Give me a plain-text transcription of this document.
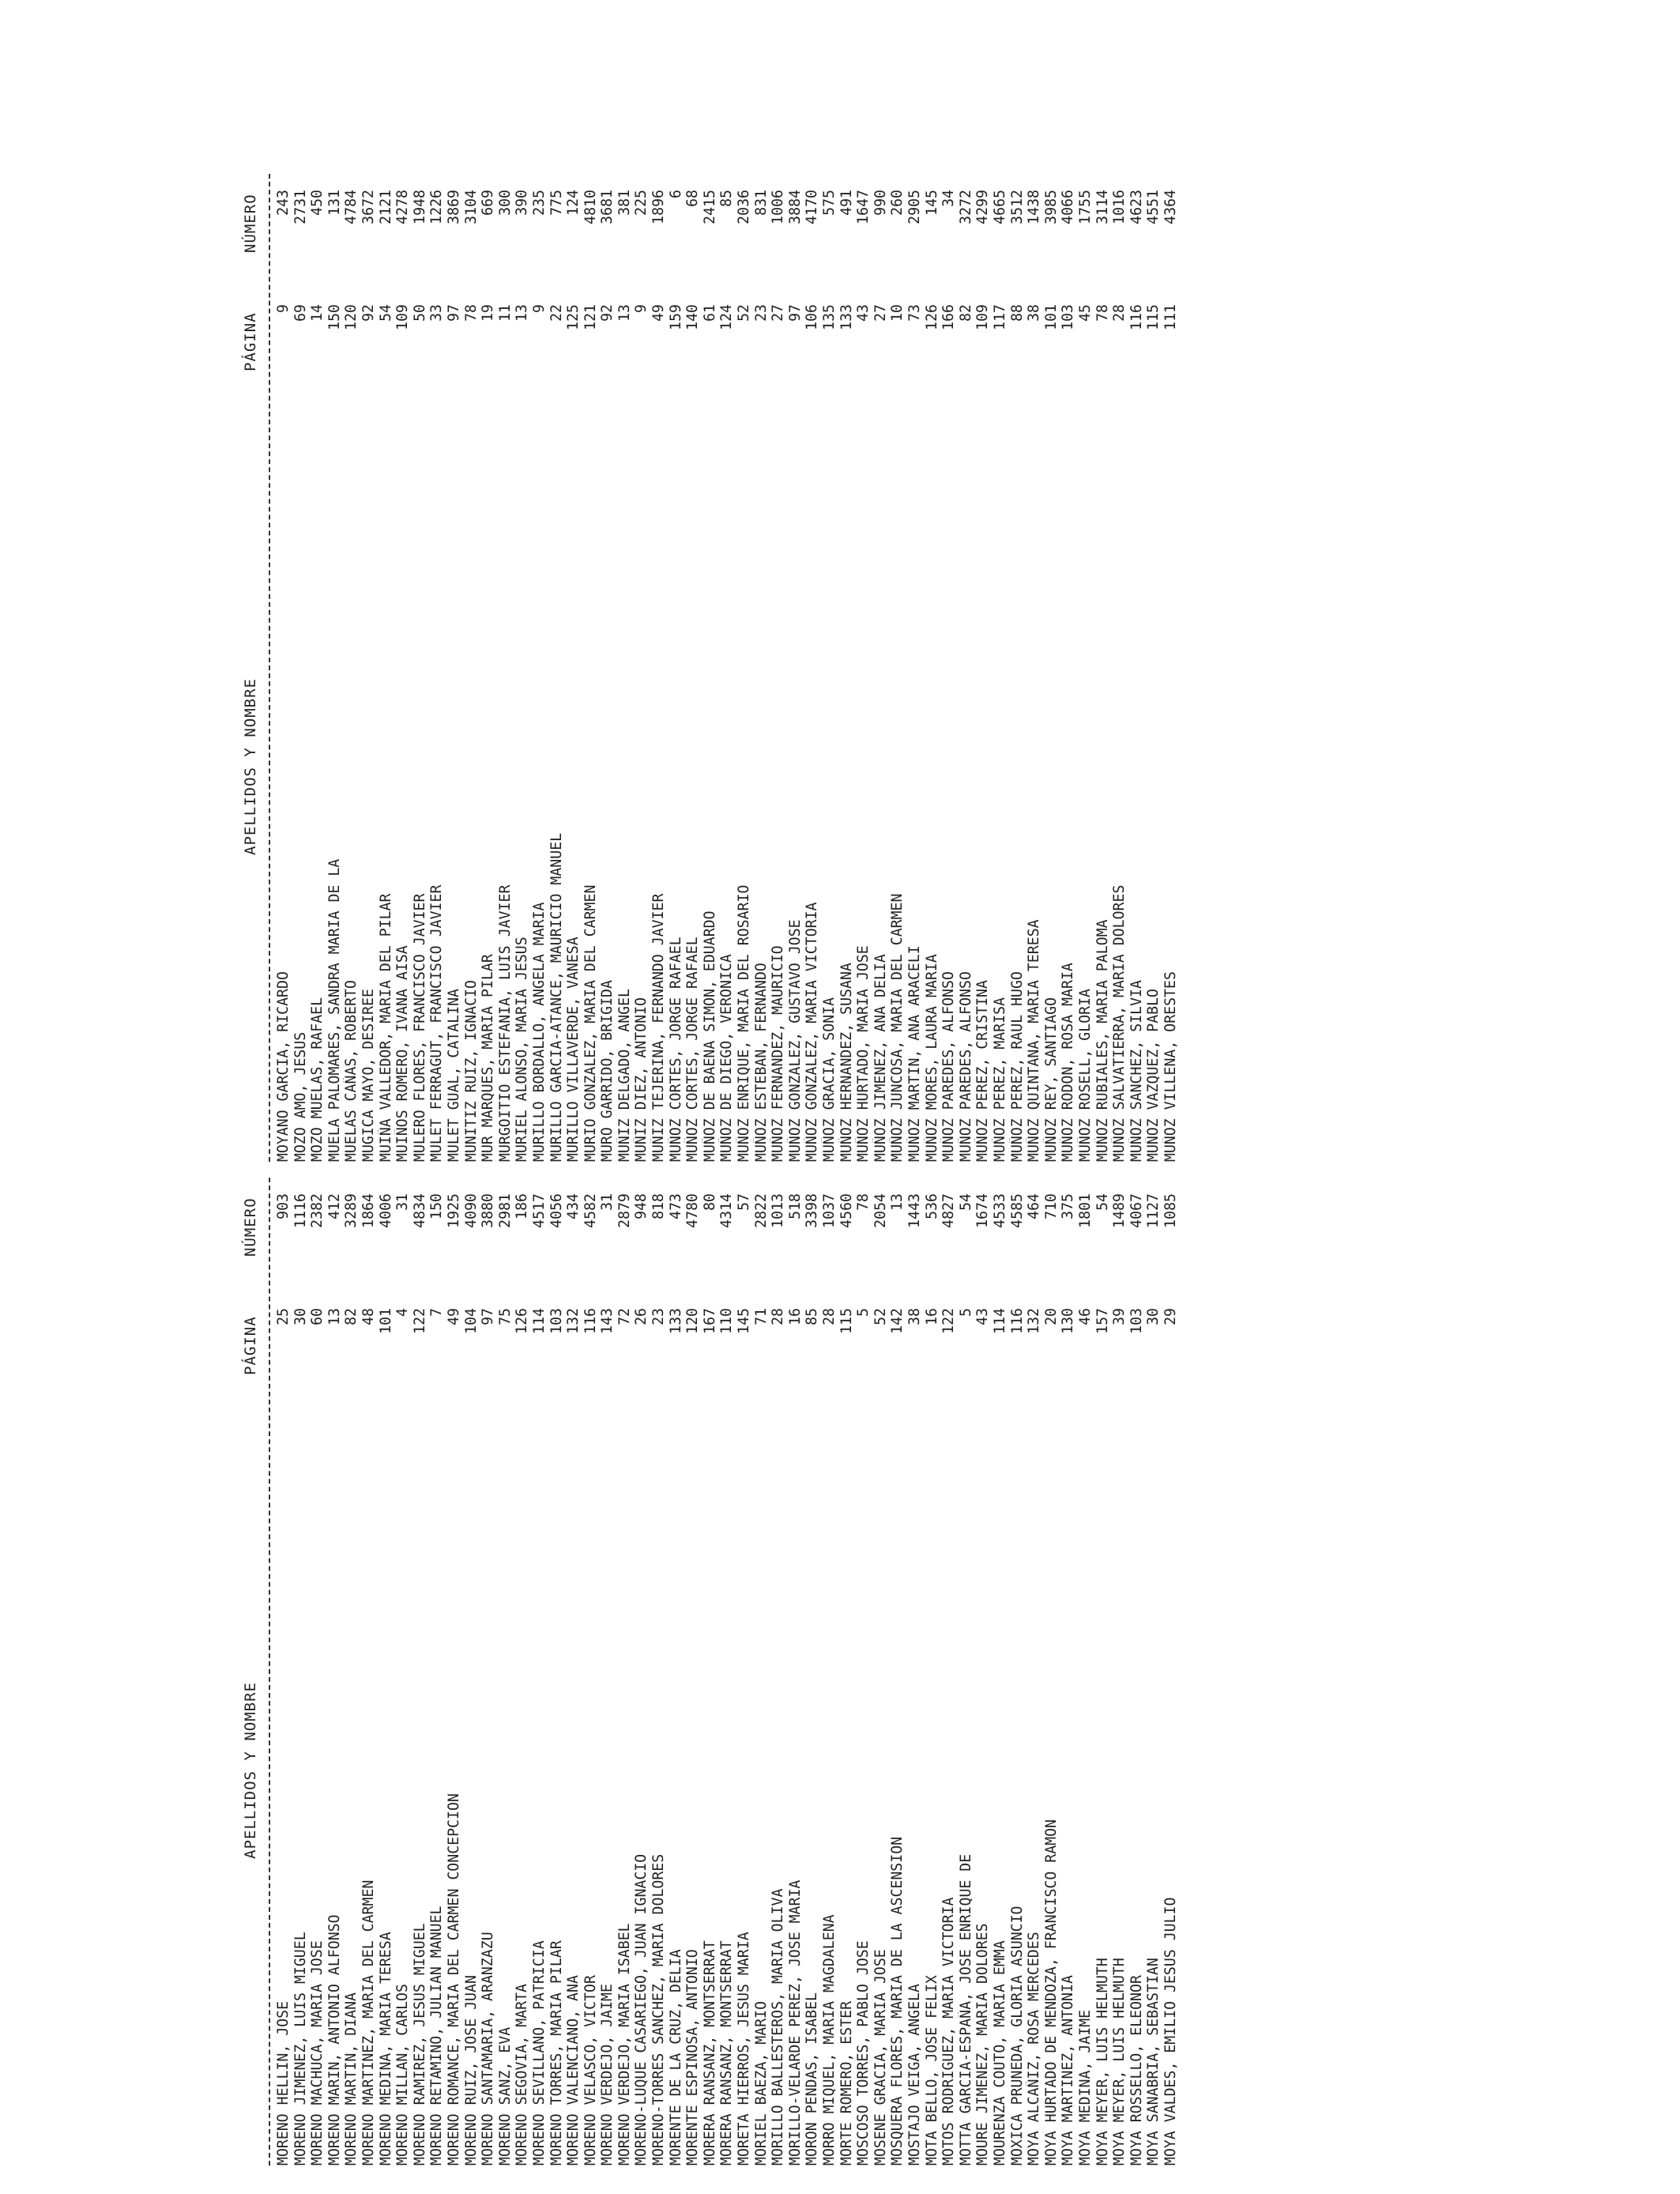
APELLIDOS Y NOMBRE
PÁGINA
NÚMERO
MORENO HELLIN, JOSE
25
903
MORENO JIMENEZ, LUIS MIGUEL
30
1116
MORENO MACHUCA, MARIA JOSE
60
2382
MORENO MARIN, ANTONIO ALFONSO
13
412
MORENO MARTIN, DIANA
82
3289
MORENO MARTINEZ, MARIA DEL CARMEN
48
1864
MORENO MEDINA, MARIA TERESA
101
4006
MORENO MILLAN, CARLOS
4
31
MORENO RAMIREZ, JESUS MIGUEL
122
4834
MORENO RETAMINO, JULIAN MANUEL
7
150
MORENO ROMANCE, MARIA DEL CARMEN CONCEPCION
49
1925
MORENO RUIZ, JOSE JUAN
104
4090
MORENO SANTAMARIA, ARANZAZU
97
3880
MORENO SANZ, EVA
75
2981
MORENO SEGOVIA, MARTA
126
186
MORENO SEVILLANO, PATRICIA
114
4517
MORENO TORRES, MARIA PILAR
103
4056
MORENO VALENCIANO, ANA
132
434
MORENO VELASCO, VICTOR
116
4582
MORENO VERDEJO, JAIME
143
31
MORENO VERDEJO, MARIA ISABEL
72
2879
MORENO-LUQUE CASARIEGO, JUAN IGNACIO
26
948
MORENO-TORRES SANCHEZ, MARIA DOLORES
23
818
MORENTE DE LA CRUZ, DELIA
133
473
MORENTE ESPINOSA, ANTONIO
120
4780
MORERA RANSANZ, MONTSERRAT
167
80
MORERA RANSANZ, MONTSERRAT
110
4314
MORETA HIERROS, JESUS MARIA
145
57
MORIEL BAEZA, MARIO
71
2822
MORILLO BALLESTEROS, MARIA OLIVA
28
1013
MORILLO-VELARDE PEREZ, JOSE MARIA
16
518
MORON PENDAS, ISABEL
85
3398
MORRO MIQUEL, MARIA MAGDALENA
28
1037
MORTE ROMERO, ESTER
115
4560
MOSCOSO TORRES, PABLO JOSE
5
78
MOSENE GRACIA, MARIA JOSE
52
2054
MOSQUERA FLORES, MARIA DE LA ASCENSION
142
13
MOSTAJO VEIGA, ANGELA
38
1443
MOTA BELLO, JOSE FELIX
16
536
MOTOS RODRIGUEZ, MARIA VICTORIA
122
4827
MOTTA GARCIA-ESPAÑA, JOSE ENRIQUE DE
5
54
MOURE JIMENEZ, MARIA DOLORES
43
1674
MOURENZA COUTO, MARIA EMMA
114
4533
MOXICA PRUNEDA, GLORIA ASUNCIO
116
4585
MOYA ALCAÑIZ, ROSA MERCEDES
132
464
MOYA HURTADO DE MENDOZA, FRANCISCO RAMON
20
710
MOYA MARTINEZ, ANTONIA
130
375
MOYA MEDINA, JAIME
46
1801
MOYA MEYER, LUIS HELMUTH
157
54
MOYA MEYER, LUIS HELMUTH
39
1489
MOYA ROSSELLO, ELEONOR
103
4067
MOYA SANABRIA, SEBASTIAN
30
1127
MOYA VALDES, EMILIO JESUS JULIO
29
1085
APELLIDOS Y NOMBRE
PÁGINA
NÚMERO
MOYANO GARCIA, RICARDO
9
243
MOZO AMO, JESUS
69
2731
MOZO MUELAS, RAFAEL
14
450
MUELA PALOMARES, SANDRA MARIA DE LA
150
131
MUELAS CAÑAS, ROBERTO
120
4784
MUGICA MAYO, DESIREE
92
3672
MUIÑA VALLEDOR, MARIA DEL PILAR
54
2121
MUIÑOS ROMERO, IVANA AISA
109
4278
MULERO FLORES, FRANCISCO JAVIER
50
1948
MULET FERRAGUT, FRANCISCO JAVIER
33
1226
MULET GUAL, CATALINA
97
3869
MUNITIZ RUIZ, IGNACIO
78
3104
MUR MARQUES, MARIA PILAR
19
669
MURGOITIO ESTEFANIA, LUIS JAVIER
11
300
MURIEL ALONSO, MARIA JESUS
13
390
MURILLO BORDALLO, ANGELA MARIA
9
235
MURILLO GARCIA-ATANCE, MAURICIO MANUEL
22
775
MURILLO VILLAVERDE, VANESA
125
124
MURIO GONZALEZ, MARIA DEL CARMEN
121
4810
MURO GARRIDO, BRIGIDA
92
3681
MUÑIZ DELGADO, ANGEL
13
381
MUÑIZ DIEZ, ANTONIO
9
225
MUÑIZ TEJERINA, FERNANDO JAVIER
49
1896
MUÑOZ CORTES, JORGE RAFAEL
159
6
MUÑOZ CORTES, JORGE RAFAEL
140
68
MUÑOZ DE BAENA SIMON, EDUARDO
61
2415
MUÑOZ DE DIEGO, VERONICA
124
85
MUÑOZ ENRIQUE, MARIA DEL ROSARIO
52
2036
MUÑOZ ESTEBAN, FERNANDO
23
831
MUÑOZ FERNANDEZ, MAURICIO
27
1006
MUÑOZ GONZALEZ, GUSTAVO JOSE
97
3884
MUÑOZ GONZALEZ, MARIA VICTORIA
106
4170
MUÑOZ GRACIA, SONIA
135
575
MUÑOZ HERNANDEZ, SUSANA
133
491
MUÑOZ HURTADO, MARIA JOSE
43
1647
MUÑOZ JIMENEZ, ANA DELIA
27
990
MUÑOZ JUNCOSA, MARIA DEL CARMEN
10
260
MUÑOZ MARTIN, ANA ARACELI
73
2905
MUÑOZ MORES, LAURA MARIA
126
145
MUÑOZ PAREDES, ALFONSO
166
34
MUÑOZ PAREDES, ALFONSO
82
3272
MUÑOZ PEREZ, CRISTINA
109
4299
MUÑOZ PEREZ, MARISA
117
4665
MUÑOZ PEREZ, RAUL HUGO
88
3512
MUÑOZ QUINTANA, MARIA TERESA
38
1438
MUÑOZ REY, SANTIAGO
101
3985
MUÑOZ RODON, ROSA MARIA
103
4066
MUÑOZ ROSELL, GLORIA
45
1755
MUÑOZ RUBIALES, MARIA PALOMA
78
3114
MUÑOZ SALVATIERRA, MARIA DOLORES
28
1016
MUÑOZ SANCHEZ, SILVIA
116
4623
MUÑOZ VAZQUEZ, PABLO
115
4551
MUÑOZ VILLENA, ORESTES
111
4364
